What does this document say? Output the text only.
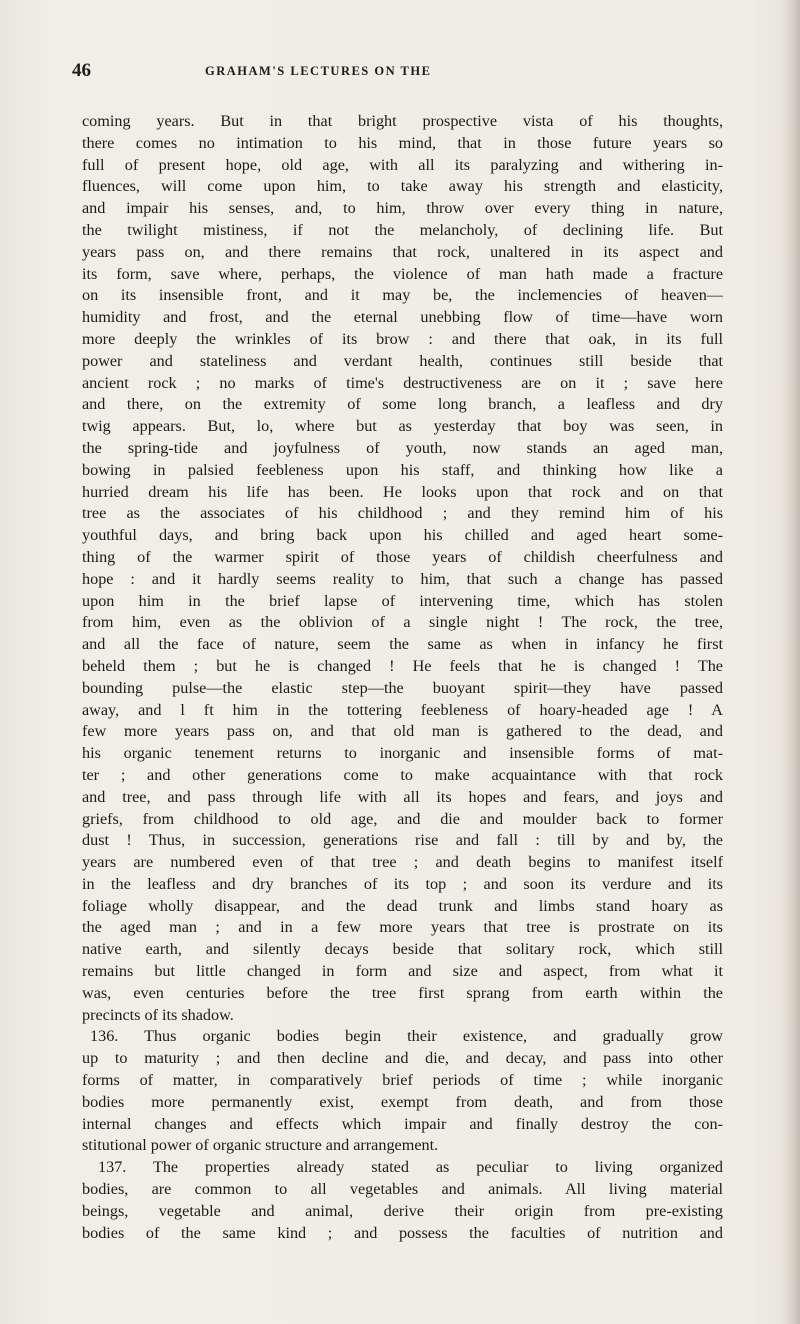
46	GRAHAM'S LECTURES ON THE
coming years. But in that bright prospective vista of his thoughts,
there comes no intimation to his mind, that in those future years so
full of present hope, old age, with all its paralyzing and withering in-
fluences, will come upon him, to take away his strength and elasticity,
and impair his senses, and, to him, throw over every thing in nature,
the twilight mistiness, if not the melancholy, of declining life. But
years pass on, and there remains that rock, unaltered in its aspect and
its form, save where, perhaps, the violence of man hath made a fracture
on its insensible front, and it may be, the inclemencies of heaven—
humidity and frost, and the eternal unebbing flow of time—have worn
more deeply the wrinkles of its brow : and there that oak, in its full
power and stateliness and verdant health, continues still beside that
ancient rock ; no marks of time's destructiveness are on it ; save here
and there, on the extremity of some long branch, a leafless and dry
twig appears. But, lo, where but as yesterday that boy was seen, in
the spring-tide and joyfulness of youth, now stands an aged man,
bowing in palsied feebleness upon his staff, and thinking how like a
hurried dream his life has been. He looks upon that rock and on that
tree as the associates of his childhood ; and they remind him of his
youthful days, and bring back upon his chilled and aged heart some-
thing of the warmer spirit of those years of childish cheerfulness and
hope : and it hardly seems reality to him, that such a change has passed
upon him in the brief lapse of intervening time, which has stolen
from him, even as the oblivion of a single night ! The rock, the tree,
and all the face of nature, seem the same as when in infancy he first
beheld them ; but he is changed ! He feels that he is changed ! The
bounding pulse—the elastic step—the buoyant spirit—they have passed
away, and l ft him in the tottering feebleness of hoary-headed age ! A
few more years pass on, and that old man is gathered to the dead, and
his organic tenement returns to inorganic and insensible forms of mat-
ter ; and other generations come to make acquaintance with that rock
and tree, and pass through life with all its hopes and fears, and joys and
griefs, from childhood to old age, and die and moulder back to former
dust ! Thus, in succession, generations rise and fall : till by and by, the
years are numbered even of that tree ; and death begins to manifest itself
in the leafless and dry branches of its top ; and soon its verdure and its
foliage wholly disappear, and the dead trunk and limbs stand hoary as
the aged man ; and in a few more years that tree is prostrate on its
native earth, and silently decays beside that solitary rock, which still
remains but little changed in form and size and aspect, from what it
was, even centuries before the tree first sprang from earth within the
precincts of its shadow.
136. Thus organic bodies begin their existence, and gradually grow
up to maturity ; and then decline and die, and decay, and pass into other
forms of matter, in comparatively brief periods of time ; while inorganic
bodies more permanently exist, exempt from death, and from those
internal changes and effects which impair and finally destroy the con-
stitutional power of organic structure and arrangement.
137. The properties already stated as peculiar to living organized
bodies, are common to all vegetables and animals. All living material
beings, vegetable and animal, derive their origin from pre-existing
bodies of the same kind ; and possess the faculties of nutrition and
